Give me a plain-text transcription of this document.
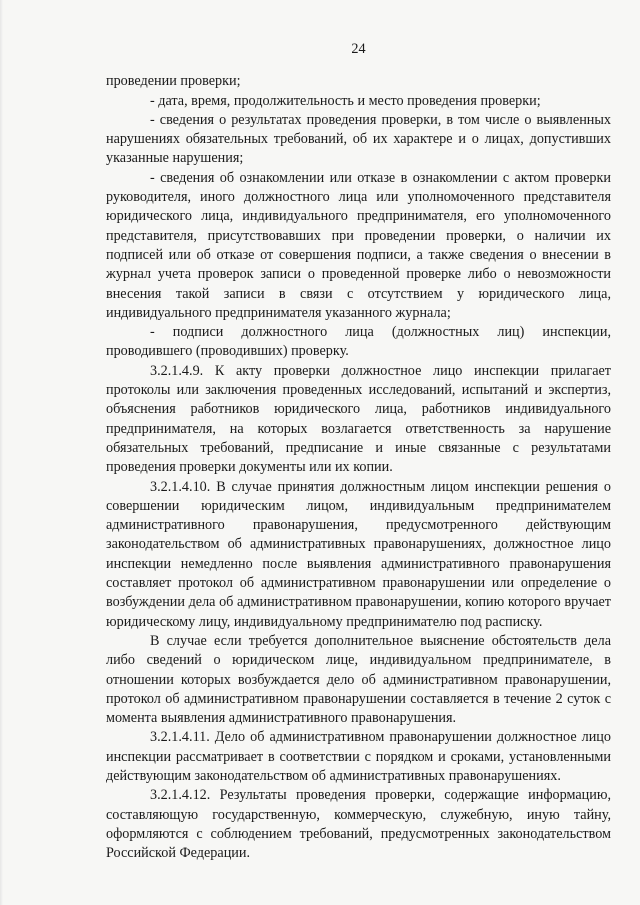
24

проведении проверки;

- дата, время, продолжительность и место проведения проверки;

- сведения о результатах проведения проверки, в том числе о выявленных нарушениях обязательных требований, об их характере и о лицах, допустивших указанные нарушения;

- сведения об ознакомлении или отказе в ознакомлении с актом проверки руководителя, иного должностного лица или уполномоченного представителя юридического лица, индивидуального предпринимателя, его уполномоченного представителя, присутствовавших при проведении проверки, о наличии их подписей или об отказе от совершения подписи, а также сведения о внесении в журнал учета проверок записи о проведенной проверке либо о невозможности внесения такой записи в связи с отсутствием у юридического лица, индивидуального предпринимателя указанного журнала;

- подписи должностного лица (должностных лиц) инспекции, проводившего (проводивших) проверку.

3.2.1.4.9. К акту проверки должностное лицо инспекции прилагает протоколы или заключения проведенных исследований, испытаний и экспертиз, объяснения работников юридического лица, работников индивидуального предпринимателя, на которых возлагается ответственность за нарушение обязательных требований, предписание и иные связанные с результатами проведения проверки документы или их копии.

3.2.1.4.10. В случае принятия должностным лицом инспекции решения о совершении юридическим лицом, индивидуальным предпринимателем административного правонарушения, предусмотренного действующим законодательством об административных правонарушениях, должностное лицо инспекции немедленно после выявления административного правонарушения составляет протокол об административном правонарушении или определение о возбуждении дела об административном правонарушении, копию которого вручает юридическому лицу, индивидуальному предпринимателю под расписку.

В случае если требуется дополнительное выяснение обстоятельств дела либо сведений о юридическом лице, индивидуальном предпринимателе, в отношении которых возбуждается дело об административном правонарушении, протокол об административном правонарушении составляется в течение 2 суток с момента выявления административного правонарушения.

3.2.1.4.11. Дело об административном правонарушении должностное лицо инспекции рассматривает в соответствии с порядком и сроками, установленными действующим законодательством об административных правонарушениях.

3.2.1.4.12. Результаты проведения проверки, содержащие информацию, составляющую государственную, коммерческую, служебную, иную тайну, оформляются с соблюдением требований, предусмотренных законодательством Российской Федерации.
